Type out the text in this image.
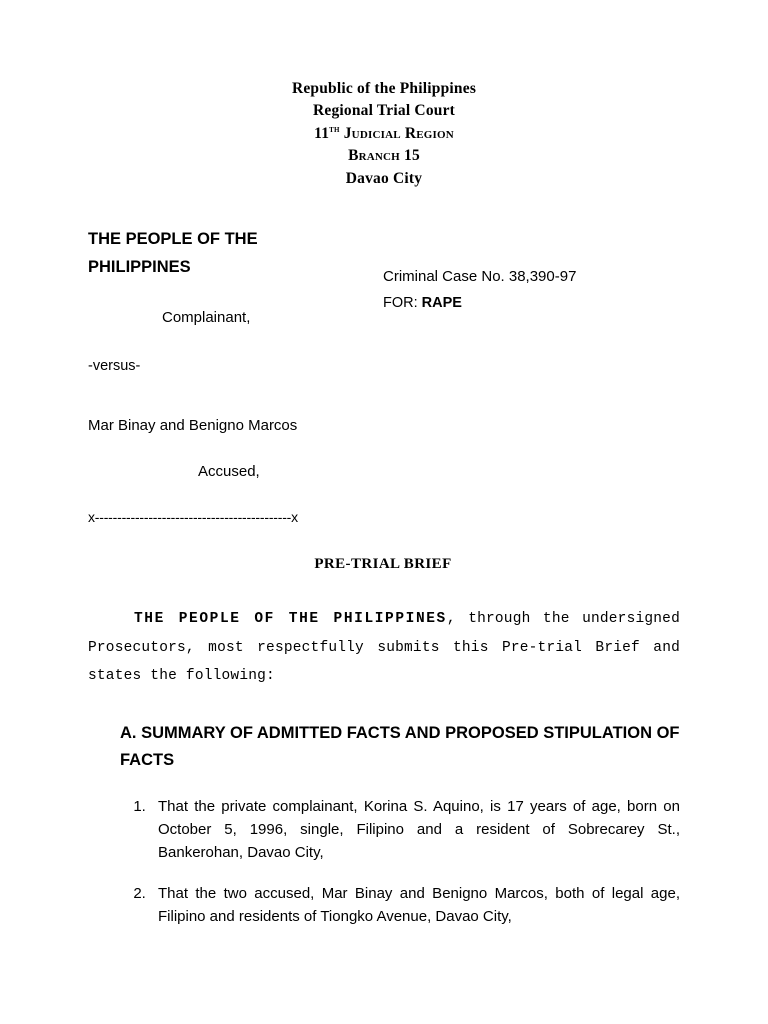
Republic of the Philippines
Regional Trial Court
11th Judicial Region
Branch 15
Davao City
THE PEOPLE OF THE
PHILIPPINES
Criminal Case No. 38,390-97
FOR: RAPE
Complainant,
-versus-
Mar Binay and Benigno Marcos
Accused,
x--------------------------------------------x
PRE-TRIAL BRIEF

THE PEOPLE OF THE PHILIPPINES, through the undersigned Prosecutors, most respectfully submits this Pre-trial Brief and states the following:

A. SUMMARY OF ADMITTED FACTS AND PROPOSED STIPULATION OF FACTS
1. That the private complainant, Korina S. Aquino, is 17 years of age, born on October 5, 1996, single, Filipino and a resident of Sobrecarey St., Bankerohan, Davao City,
2. That the two accused, Mar Binay and Benigno Marcos, both of legal age, Filipino and residents of Tiongko Avenue, Davao City,
